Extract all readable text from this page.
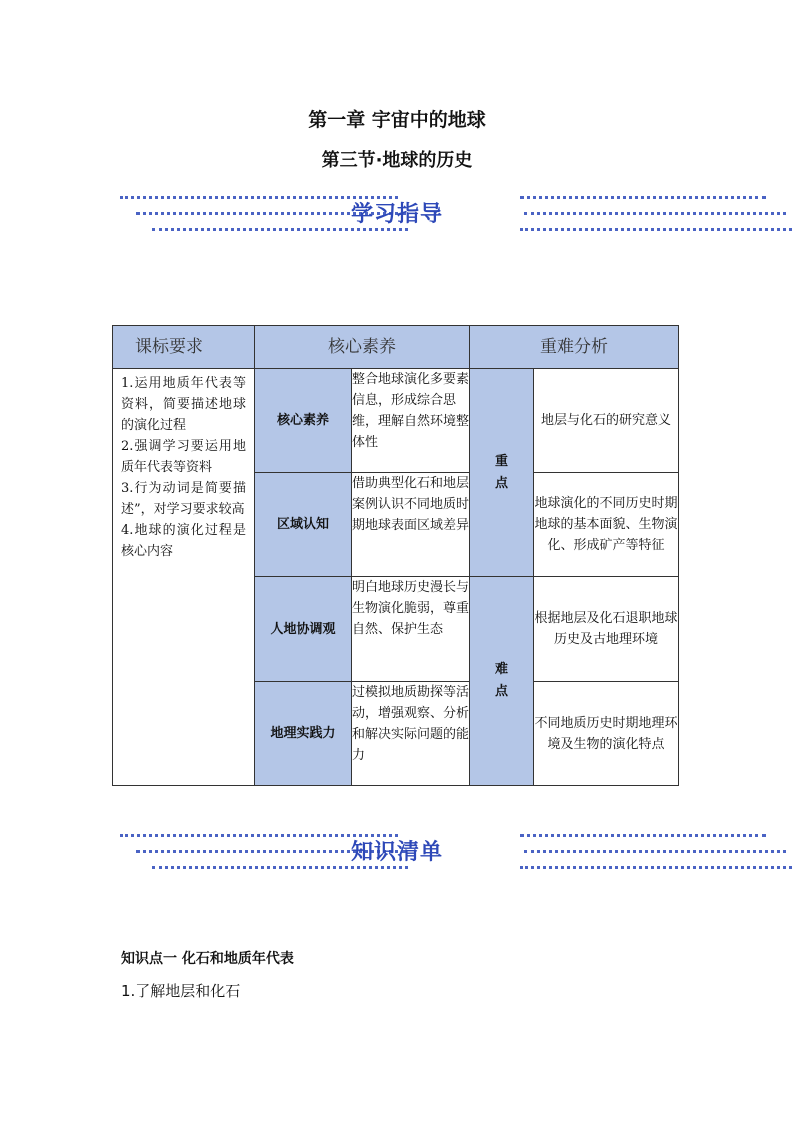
第一章 宇宙中的地球
第三节·地球的历史
学习指导
课标要求	核心素养		重难分析	

1.运用地质年代表等资料，简要描述地球的演化过程
2.强调学习要运用地质年代表等资料
3.行为动词是简要描述”，对学习要求较高
4.地球的演化过程是核心内容	核心素养	整合地球演化多要素信息，形成综合思维，理解自然环境整体性	重点	地层与化石的研究意义
	区域认知	借助典型化石和地层案例认识不同地质时期地球表面区域差异		地球演化的不同历史时期地球的基本面貌、生物演化、形成矿产等特征
	人地协调观	明白地球历史漫长与生物演化脆弱，尊重自然、保护生态	难点	根据地层及化石退职地球历史及古地理环境
	地理实践力	过模拟地质勘探等活动，增强观察、分析和解决实际问题的能力		不同地质历史时期地理环境及生物的演化特点
知识清单
知识点一 化石和地质年代表
1.了解地层和化石
